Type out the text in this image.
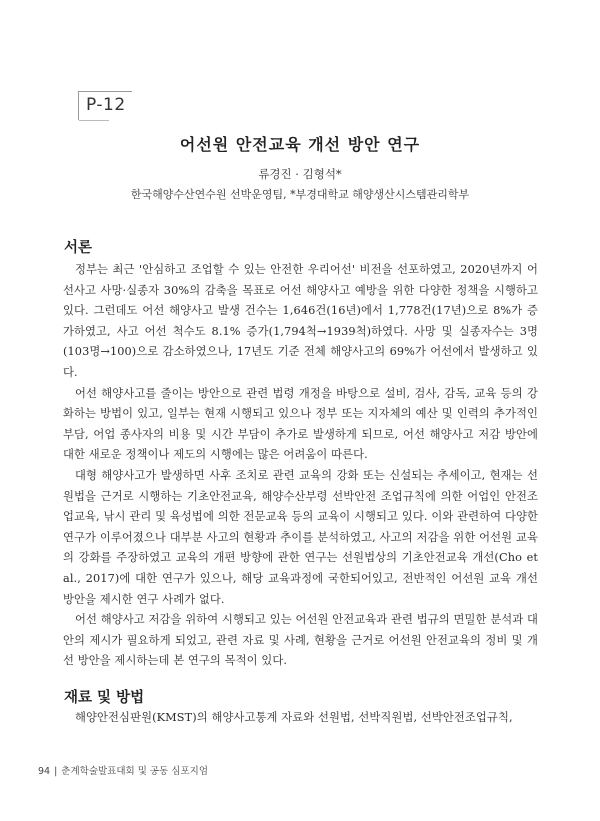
P-12
어선원 안전교육 개선 방안 연구
류경진 · 김형석*
한국해양수산연수원 선박운영팀, *부경대학교 해양생산시스템관리학부
서론

정부는 최근 '안심하고 조업할 수 있는 안전한 우리어선' 비전을 선포하였고, 2020년까지 어선사고 사망·실종자 30%의 감축을 목표로 어선 해양사고 예방을 위한 다양한 정책을 시행하고 있다. 그런데도 어선 해양사고 발생 건수는 1,646건(16년)에서 1,778건(17년)으로 8%가 증가하였고, 사고 어선 척수도 8.1% 증가(1,794척→1939척)하였다. 사망 및 실종자수는 3명(103명→100)으로 감소하였으나, 17년도 기준 전체 해양사고의 69%가 어선에서 발생하고 있다.

어선 해양사고를 줄이는 방안으로 관련 법령 개정을 바탕으로 설비, 검사, 감독, 교육 등의 강화하는 방법이 있고, 일부는 현재 시행되고 있으나 정부 또는 지자체의 예산 및 인력의 추가적인 부담, 어업 종사자의 비용 및 시간 부담이 추가로 발생하게 되므로, 어선 해양사고 저감 방안에 대한 새로운 정책이나 제도의 시행에는 많은 어려움이 따른다.

대형 해양사고가 발생하면 사후 조치로 관련 교육의 강화 또는 신설되는 추세이고, 현재는 선원법을 근거로 시행하는 기초안전교육, 해양수산부령 선박안전 조업규칙에 의한 어업인 안전조업교육, 낚시 관리 및 육성법에 의한 전문교육 등의 교육이 시행되고 있다. 이와 관련하여 다양한 연구가 이루어졌으나 대부분 사고의 현황과 추이를 분석하였고, 사고의 저감을 위한 어선원 교육의 강화를 주장하였고 교육의 개편 방향에 관한 연구는 선원법상의 기초안전교육 개선(Cho et al., 2017)에 대한 연구가 있으나, 해당 교육과정에 국한되어있고, 전반적인 어선원 교육 개선 방안을 제시한 연구 사례가 없다.

어선 해양사고 저감을 위하여 시행되고 있는 어선원 안전교육과 관련 법규의 면밀한 분석과 대안의 제시가 필요하게 되었고, 관련 자료 및 사례, 현황을 근거로 어선원 안전교육의 정비 및 개선 방안을 제시하는데 본 연구의 목적이 있다.

재료 및 방법

해양안전심판원(KMST)의 해양사고통계 자료와 선원법, 선박직원법, 선박안전조업규칙,

94 | 춘계학술발표대회 및 공동 심포지엄
